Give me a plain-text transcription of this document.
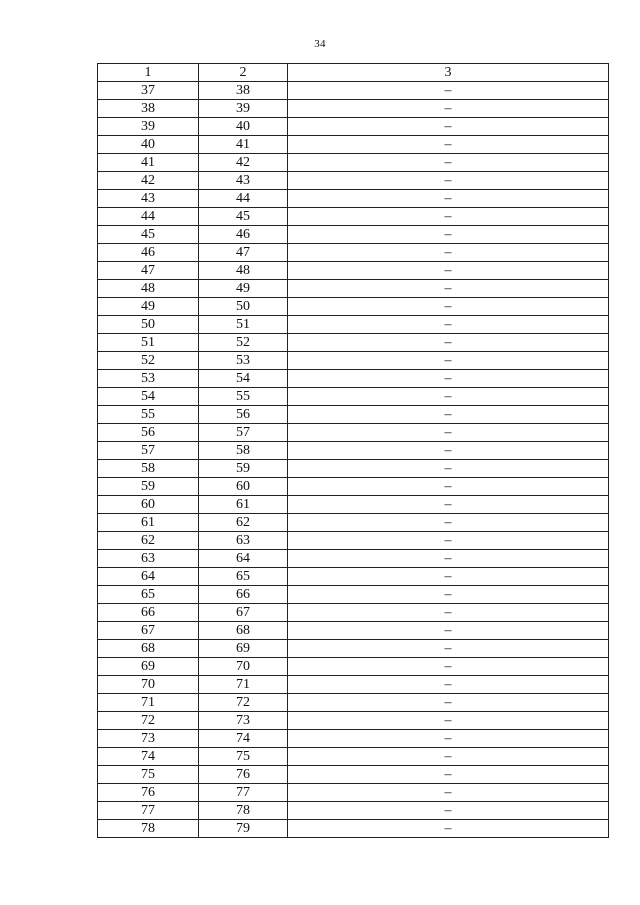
34
1	2	3
37	38	–
38	39	–
39	40	–
40	41	–
41	42	–
42	43	–
43	44	–
44	45	–
45	46	–
46	47	–
47	48	–
48	49	–
49	50	–
50	51	–
51	52	–
52	53	–
53	54	–
54	55	–
55	56	–
56	57	–
57	58	–
58	59	–
59	60	–
60	61	–
61	62	–
62	63	–
63	64	–
64	65	–
65	66	–
66	67	–
67	68	–
68	69	–
69	70	–
70	71	–
71	72	–
72	73	–
73	74	–
74	75	–
75	76	–
76	77	–
77	78	–
78	79	–
